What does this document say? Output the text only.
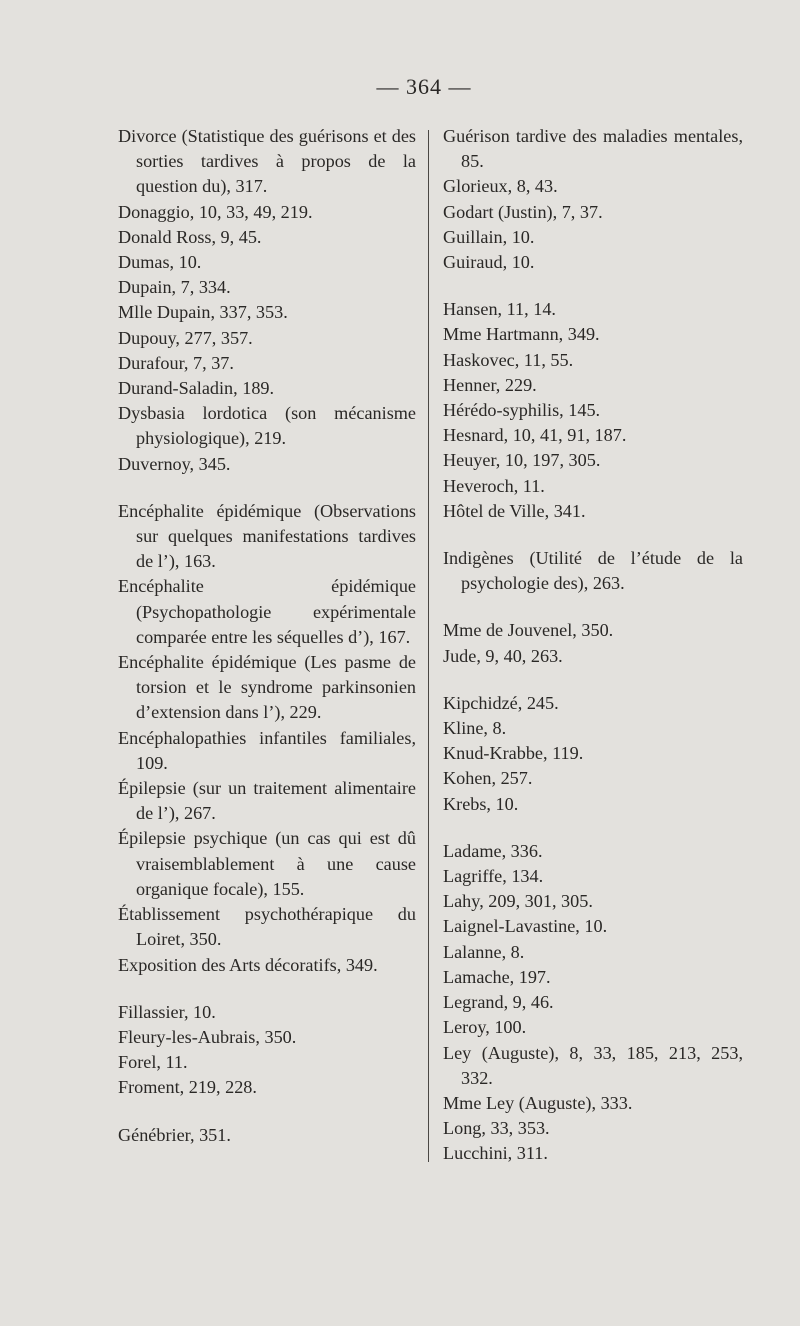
— 364 —

Divorce (Statistique des guérisons et des sorties tardives à propos de la question du), 317.

Donaggio, 10, 33, 49, 219.

Donald Ross, 9, 45.

Dumas, 10.

Dupain, 7, 334.

Mlle Dupain, 337, 353.

Dupouy, 277, 357.

Durafour, 7, 37.

Durand-Saladin, 189.

Dysbasia lordotica (son mécanisme physiologique), 219.

Duvernoy, 345.

Encéphalite épidémique (Observations sur quelques manifestations tardives de l’), 163.

Encéphalite épidémique (Psychopathologie expérimentale comparée entre les séquelles d’), 167.

Encéphalite épidémique (Les pasme de torsion et le syndrome parkinsonien d’extension dans l’), 229.

Encéphalopathies infantiles familiales, 109.

Épilepsie (sur un traitement alimentaire de l’), 267.

Épilepsie psychique (un cas qui est dû vraisemblablement à une cause organique focale), 155.

Établissement psychothérapique du Loiret, 350.

Exposition des Arts décoratifs, 349.

Fillassier, 10.

Fleury-les-Aubrais, 350.

Forel, 11.

Froment, 219, 228.

Génébrier, 351.

Guérison tardive des maladies mentales, 85.

Glorieux, 8, 43.

Godart (Justin), 7, 37.

Guillain, 10.

Guiraud, 10.

Hansen, 11, 14.

Mme Hartmann, 349.

Haskovec, 11, 55.

Henner, 229.

Hérédo-syphilis, 145.

Hesnard, 10, 41, 91, 187.

Heuyer, 10, 197, 305.

Heveroch, 11.

Hôtel de Ville, 341.

Indigènes (Utilité de l’étude de la psychologie des), 263.

Mme de Jouvenel, 350.

Jude, 9, 40, 263.

Kipchidzé, 245.

Kline, 8.

Knud-Krabbe, 119.

Kohen, 257.

Krebs, 10.

Ladame, 336.

Lagriffe, 134.

Lahy, 209, 301, 305.

Laignel-Lavastine, 10.

Lalanne, 8.

Lamache, 197.

Legrand, 9, 46.

Leroy, 100.

Ley (Auguste), 8, 33, 185, 213, 253, 332.

Mme Ley (Auguste), 333.

Long, 33, 353.

Lucchini, 311.
